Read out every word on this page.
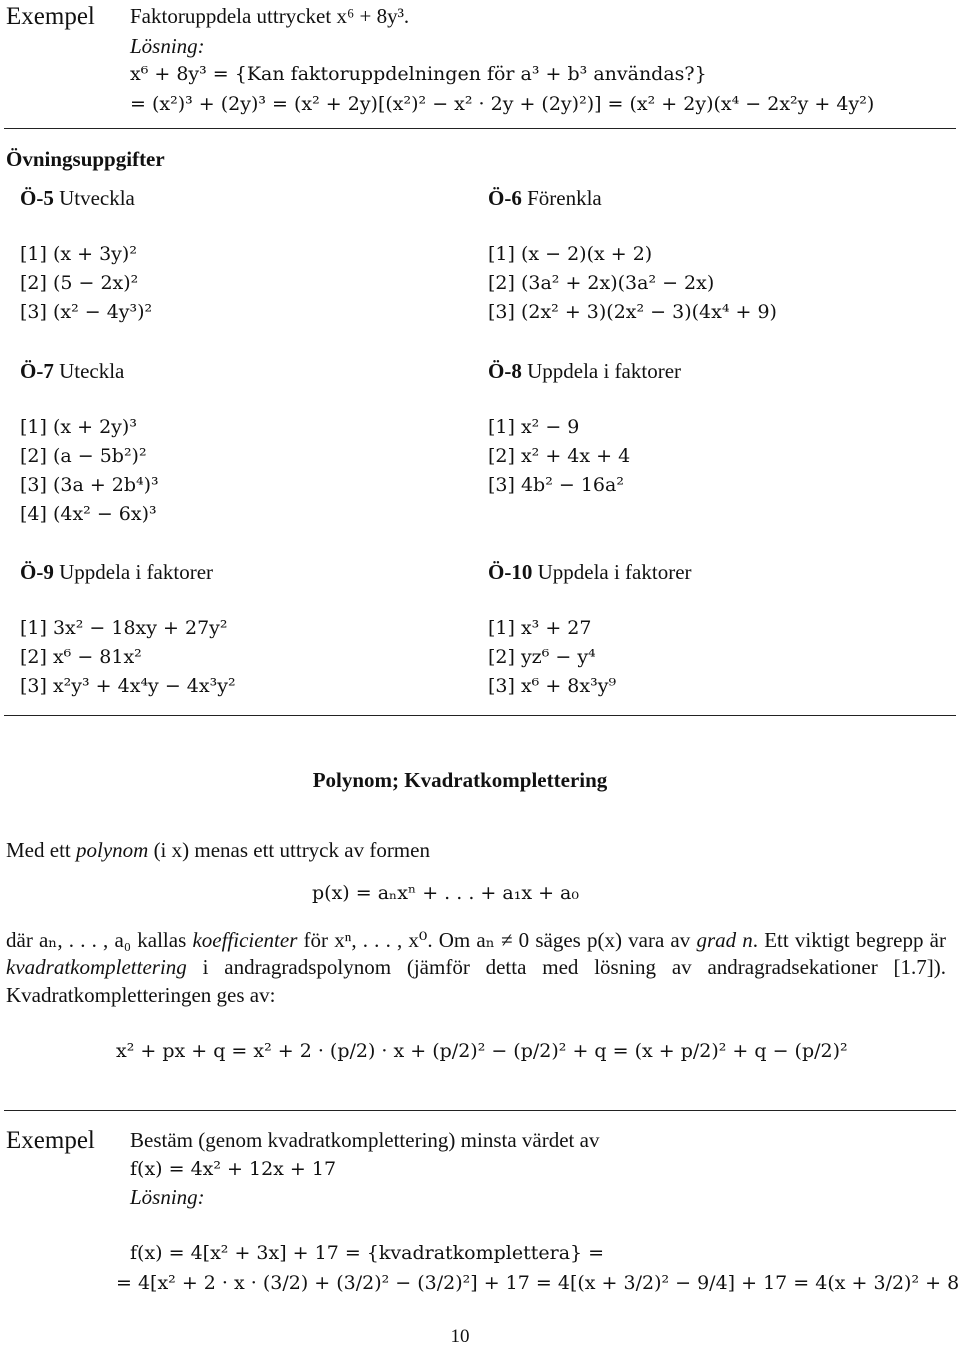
Exempel Faktoruppdela uttrycket x⁶ + 8y³.
Lösning:
x⁶ + 8y³ = {Kan faktoruppdelningen för a³ + b³ användas?}
= (x²)³ + (2y)³ = (x² + 2y)[(x²)² − x² · 2y + (2y)²)] = (x² + 2y)(x⁴ − 2x²y + 4y²)
Övningsuppgifter
Ö-5 Utveckla
[1] (x + 3y)²
[2] (5 − 2x)²
[3] (x² − 4y³)²
Ö-6 Förenkla
[1] (x − 2)(x + 2)
[2] (3a² + 2x)(3a² − 2x)
[3] (2x² + 3)(2x² − 3)(4x⁴ + 9)
Ö-7 Uteckla
[1] (x + 2y)³
[2] (a − 5b²)²
[3] (3a + 2b⁴)³
[4] (4x² − 6x)³
Ö-8 Uppdela i faktorer
[1] x² − 9
[2] x² + 4x + 4
[3] 4b² − 16a²
Ö-9 Uppdela i faktorer
[1] 3x² − 18xy + 27y²
[2] x⁶ − 81x²
[3] x²y³ + 4x⁴y − 4x³y²
Ö-10 Uppdela i faktorer
[1] x³ + 27
[2] yz⁶ − y⁴
[3] x⁶ + 8x³y⁹
Polynom; Kvadratkomplettering
Med ett polynom (i x) menas ett uttryck av formen
p(x) = aₙxⁿ + . . . + a₁x + a₀
där aₙ, . . . , a₀ kallas koefficienter för xⁿ, . . . , x⁰. Om aₙ ≠ 0 säges p(x) vara av grad n. Ett viktigt begrepp är kvadratkomplettering i andragradspolynom (jämför detta med lösning av andragradsekationer [1.7]). Kvadratkompletteringen ges av:
x² + px + q = x² + 2 · (p/2) · x + (p/2)² − (p/2)² + q = (x + p/2)² + q − (p/2)²
Exempel Bestäm (genom kvadratkomplettering) minsta värdet av
f(x) = 4x² + 12x + 17
Lösning:
f(x) = 4[x² + 3x] + 17 = {kvadratkomplettera} =
= 4[x² + 2 · x · (3/2) + (3/2)² − (3/2)²] + 17 = 4[(x + 3/2)² − 9/4] + 17 = 4(x + 3/2)² + 8
10
